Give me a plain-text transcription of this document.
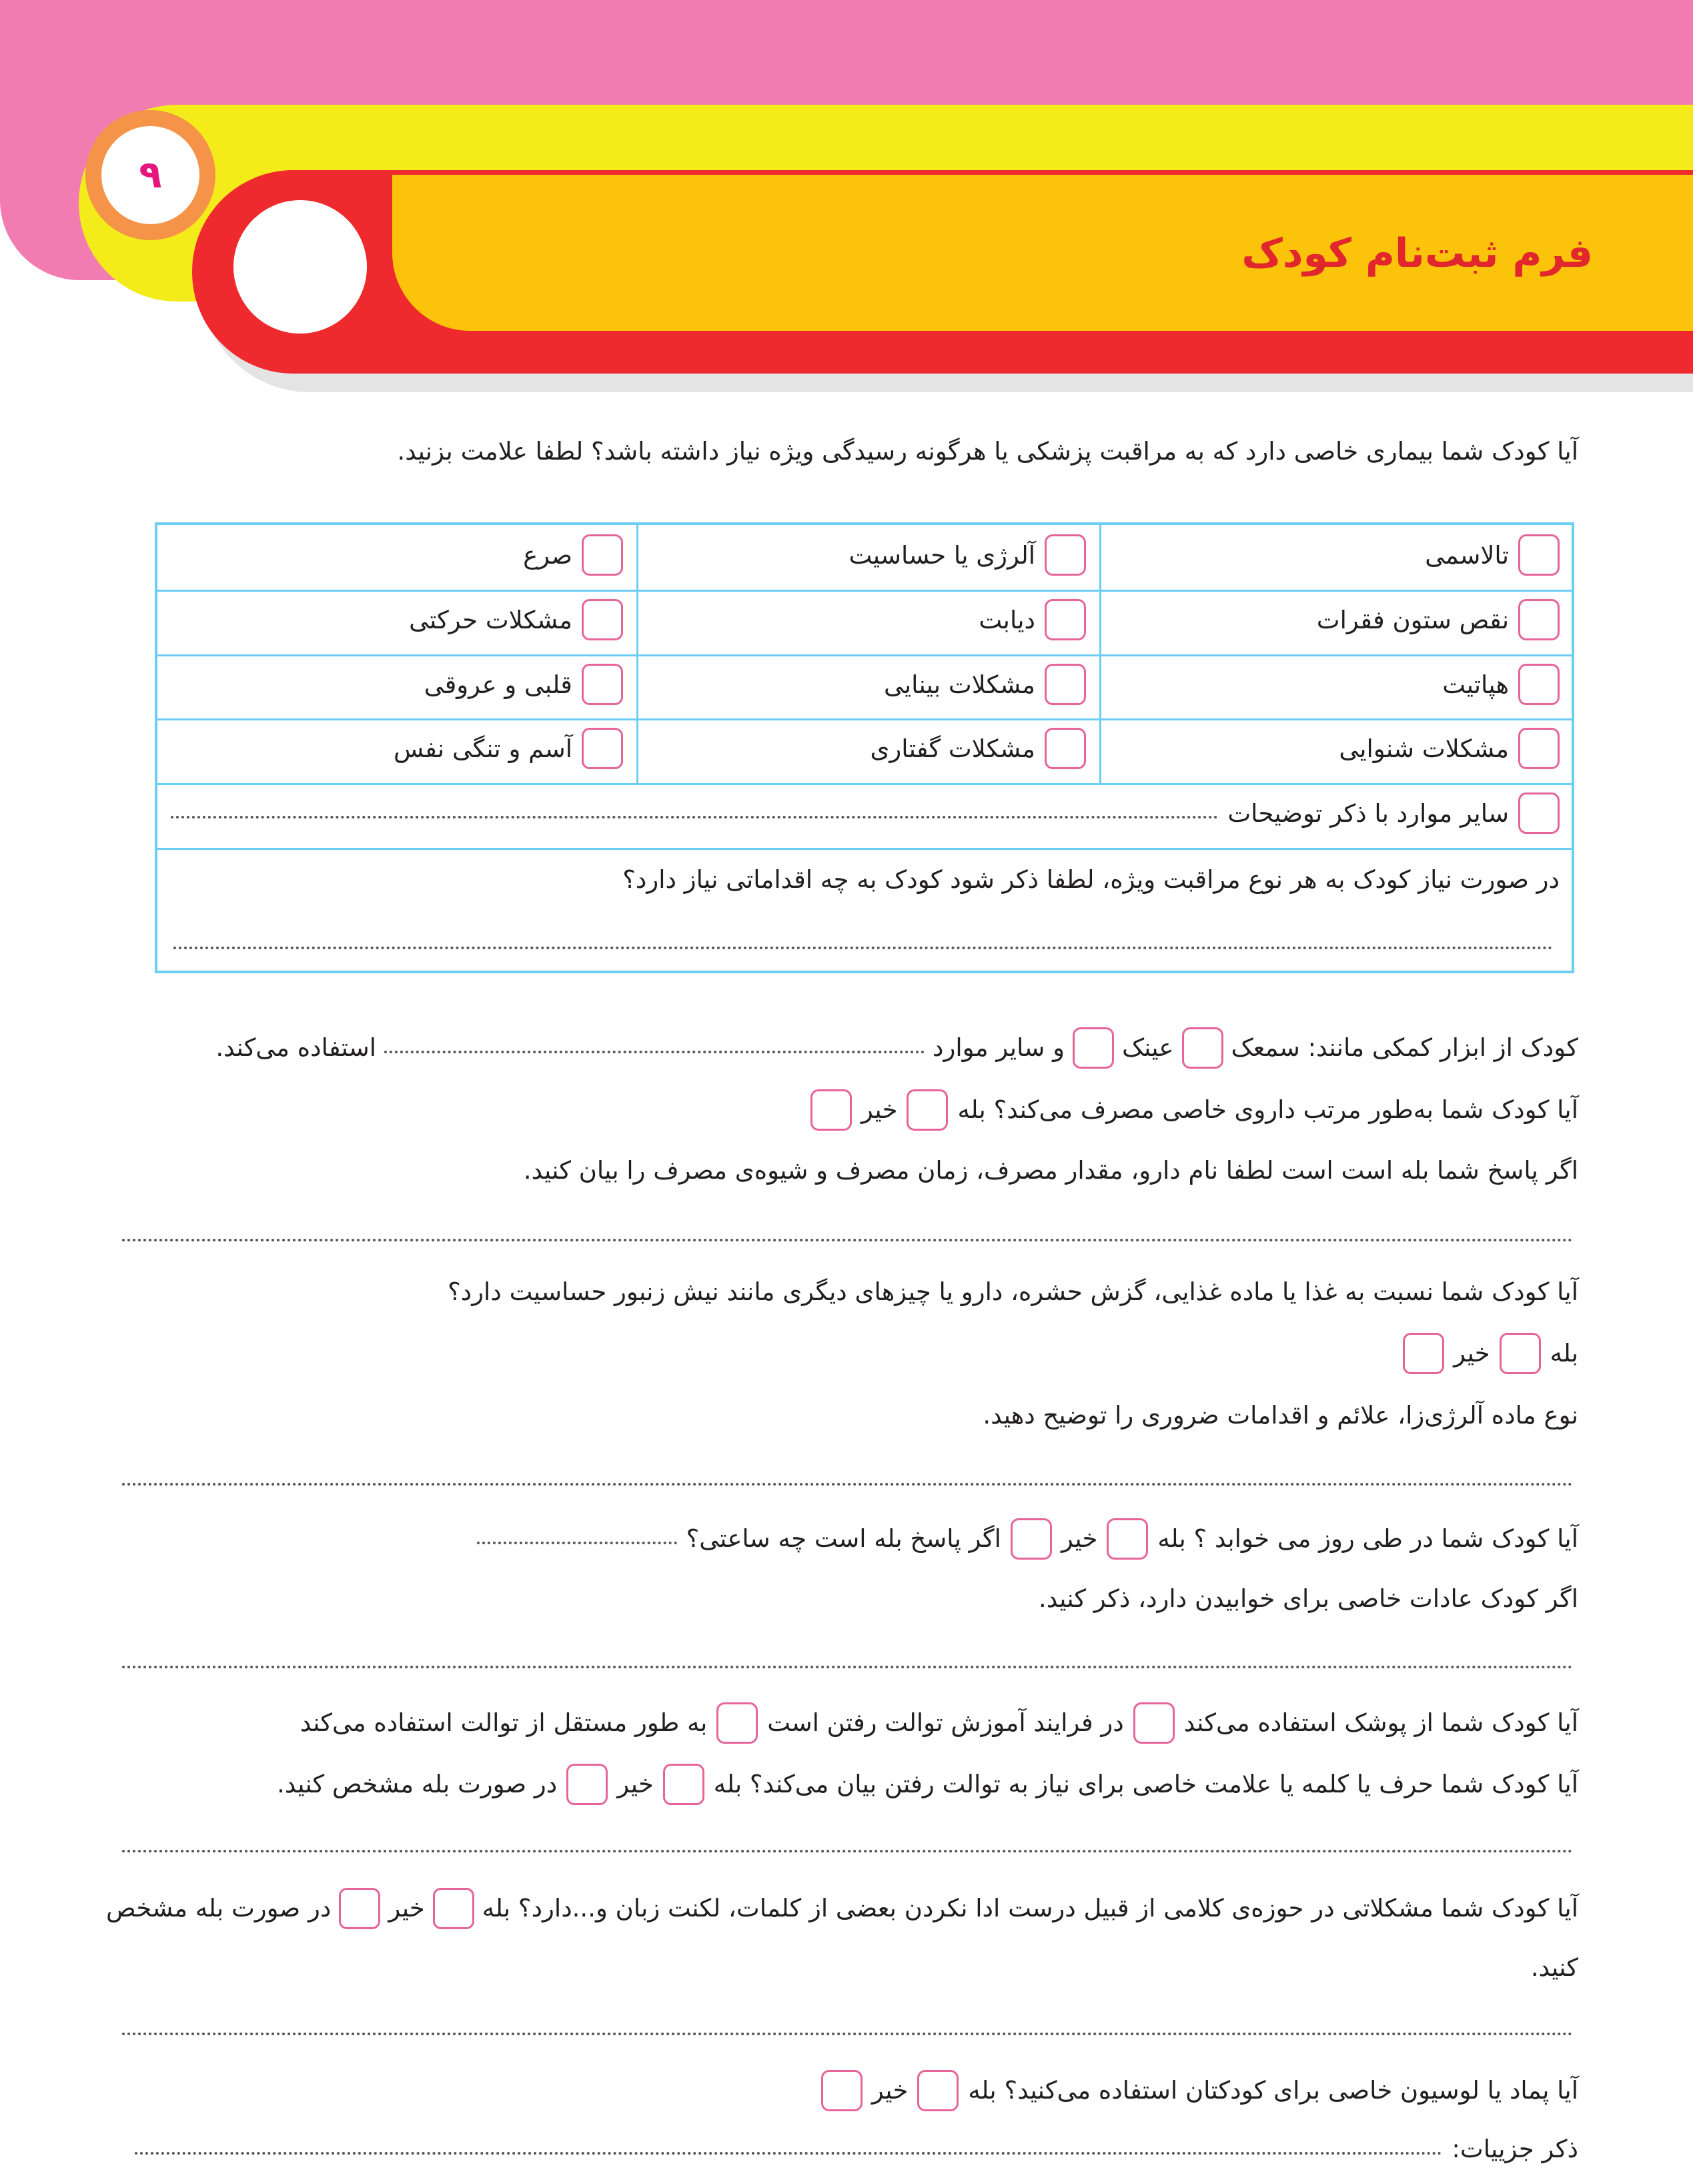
۹
فرم ثبت‌نام کودک
آیا کودک شما بیماری خاصی دارد که به مراقبت پزشکی یا هرگونه رسیدگی ویژه نیاز داشته باشد؟ لطفا علامت بزنید.
تالاسمی
آلرژی یا حساسیت
صرع
نقص ستون فقرات
دیابت
مشکلات حرکتی
هپاتیت
مشکلات بینایی
قلبی و عروقی
مشکلات شنوایی
مشکلات گفتاری
آسم و تنگی نفس
سایر موارد با ذکر توضیحات
در صورت نیاز کودک به هر نوع مراقبت ویژه، لطفا ذکر شود کودک به چه اقداماتی نیاز دارد؟
کودک از ابزار کمکی مانند: سمعک
عینک
و سایر موارد
استفاده می‌کند.
آیا کودک شما به‌طور مرتب داروی خاصی مصرف می‌کند؟ بله
خیر
اگر پاسخ شما بله است است لطفا نام دارو، مقدار مصرف، زمان مصرف و شیوه‌ی مصرف را بیان کنید.
آیا کودک شما نسبت به غذا یا ماده غذایی، گزش حشره، دارو یا چیزهای دیگری مانند نیش زنبور حساسیت دارد؟
بله
خیر
نوع ماده آلرژی‌زا، علائم و اقدامات ضروری را توضیح دهید.
آیا کودک شما در طی روز می خوابد ؟ بله
خیر
اگر پاسخ بله است چه ساعتی؟
اگر کودک عادات خاصی برای خوابیدن دارد، ذکر کنید.
آیا کودک شما از پوشک استفاده می‌کند
در فرایند آموزش توالت رفتن است
به طور مستقل از توالت استفاده می‌کند
آیا کودک شما حرف یا کلمه یا علامت خاصی برای نیاز به توالت رفتن بیان می‌کند؟ بله
خیر
در صورت بله مشخص کنید.
آیا کودک شما مشکلاتی در حوزه‌ی کلامی از قبیل درست ادا نکردن بعضی از کلمات، لکنت زبان و...دارد؟ بله
خیر
در صورت بله مشخص
کنید.
آیا پماد یا لوسیون خاصی برای کودکتان استفاده می‌کنید؟ بله
خیر
ذکر جزییات:
